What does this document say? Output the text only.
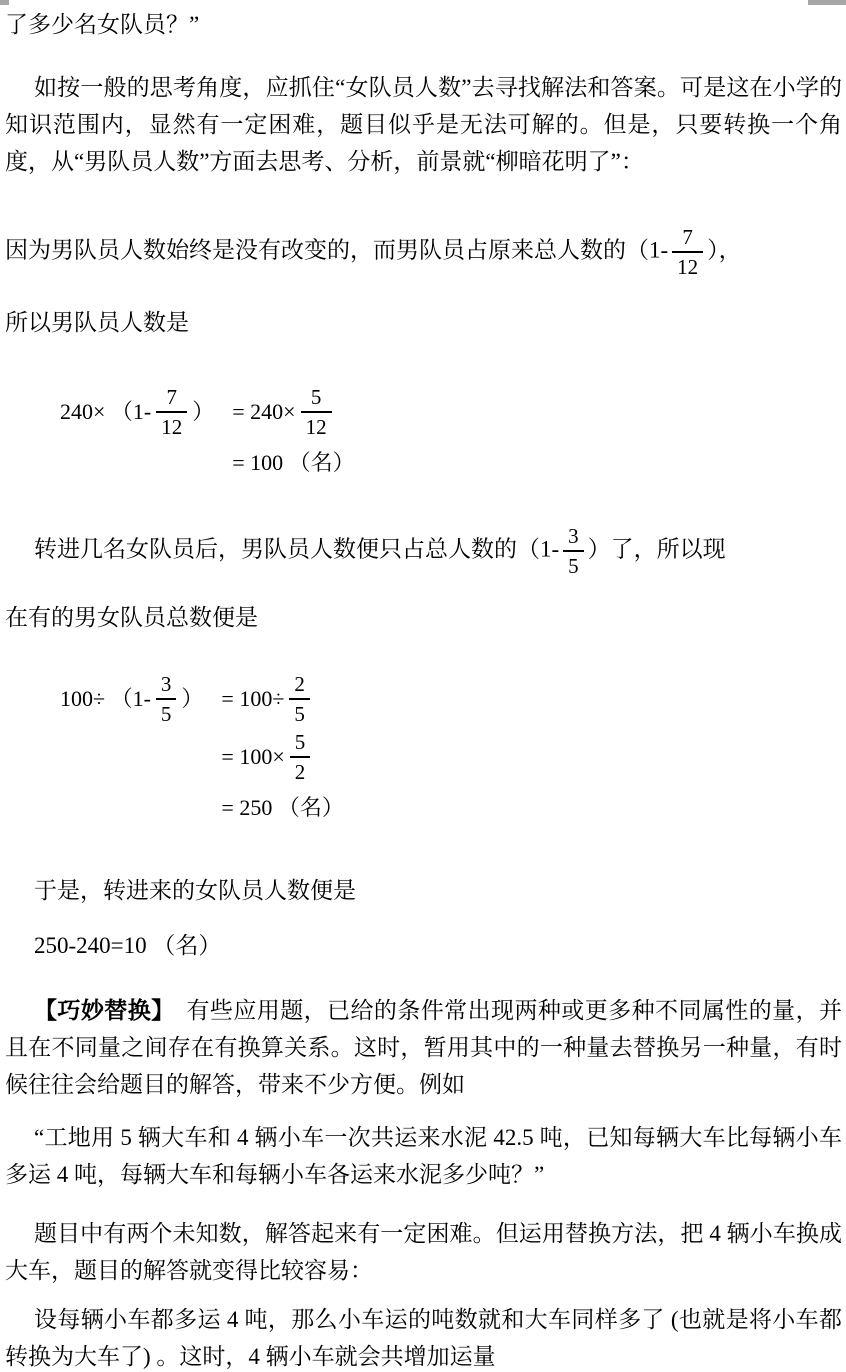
了多少名女队员？”
如按一般的思考角度，应抓住“女队员人数”去寻找解法和答案。可是这在小学的知识范围内，显然有一定困难，题目似乎是无法可解的。但是，只要转换一个角度，从“男队员人数”方面去思考、分析，前景就“柳暗花明了”：
因为男队员人数始终是没有改变的，而男队员占原来总人数的（$1- \frac{7}{12}$ ），
所以男队员人数是
$240\times (1- \frac{7}{12}$ ） = $240\times \frac{5}{12}$
= 100 （名）
转进几名女队员后，男队员人数便只占总人数的（$1- \frac{3}{5}$ ）了，所以现
在有的男女队员总数便是
$100\div (1- \frac{3}{5}$ ） = $100\div \frac{2}{5}$
= $100\times \frac{5}{2}$
= 250 （名）
于是，转进来的女队员人数便是
250-240=10 （名）
【巧妙替换】　有些应用题，已给的条件常出现两种或更多种不同属性的量，并且在不同量之间存在有换算关系。这时，暂用其中的一种量去替换另一种量，有时候往往会给题目的解答，带来不少方便。例如
“工地用 5 辆大车和 4 辆小车一次共运来水泥 42.5 吨，已知每辆大车比每辆小车多运 4 吨，每辆大车和每辆小车各运来水泥多少吨？”
题目中有两个未知数，解答起来有一定困难。但运用替换方法，把 4 辆小车换成大车，题目的解答就变得比较容易：
设每辆小车都多运 4 吨，那么小车运的吨数就和大车同样多了 (也就是将小车都转换为大车了) 。这时，4 辆小车就会共增加运量
